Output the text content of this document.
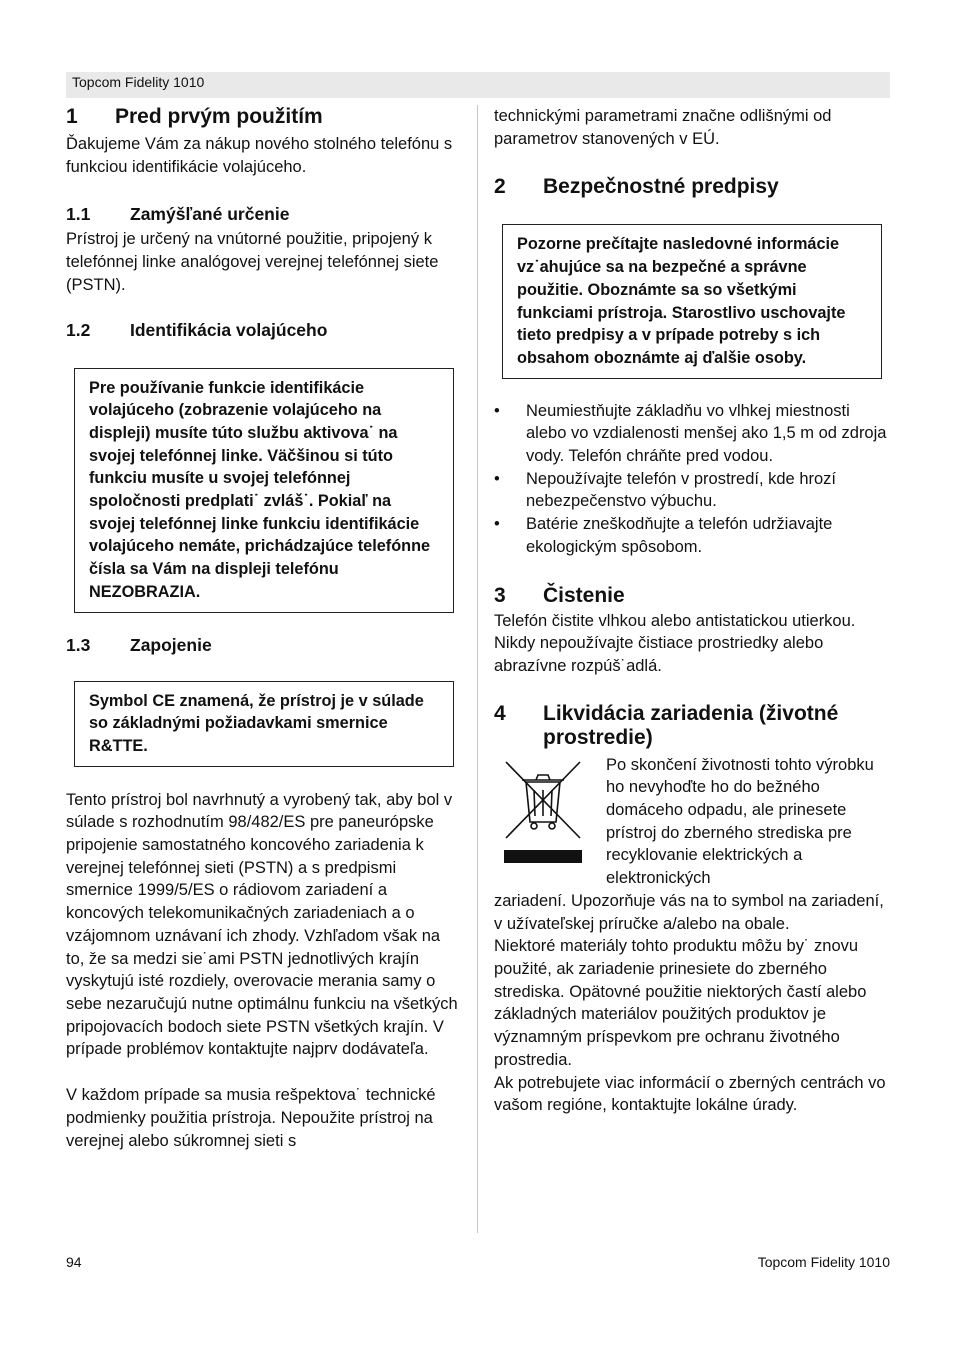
Topcom Fidelity 1010
1	Pred prvým použitím

Ďakujeme Vám za nákup nového stolného telefónu s funkciou identifikácie volajúceho.

1.1	Zamýšľané určenie

Prístroj je určený na vnútorné použitie, pripojený k telefónnej linke analógovej verejnej telefónnej siete (PSTN).

1.2	Identifikácia volajúceho
Pre používanie funkcie identifikácie volajúceho (zobrazenie volajúceho na displeji) musíte túto službu aktivova˙ na svojej telefónnej linke. Väčšinou si túto funkciu musíte u svojej telefónnej spoločnosti predplati˙ zvláš˙. Pokiaľ na svojej telefónnej linke funkciu identifikácie volajúceho nemáte, prichádzajúce telefónne čísla sa Vám na displeji telefónu NEZOBRAZIA.
1.3	Zapojenie
Symbol CE znamená, že prístroj je v súlade so základnými požiadavkami smernice R&TTE.

Tento prístroj bol navrhnutý a vyrobený tak, aby bol v súlade s rozhodnutím 98/482/ES pre paneurópske pripojenie samostatného koncového zariadenia k verejnej telefónnej sieti (PSTN) a s predpismi smernice 1999/5/ES o rádiovom zariadení a koncových telekomunikačných zariadeniach a o vzájomnom uznávaní ich zhody. Vzhľadom však na to, že sa medzi sie˙ami PSTN jednotlivých krajín vyskytujú isté rozdiely, overovacie merania samy o sebe nezaručujú nutne optimálnu funkciu na všetkých pripojovacích bodoch siete PSTN všetkých krajín. V prípade problémov kontaktujte najprv dodávateľa.

V každom prípade sa musia rešpektova˙ technické podmienky použitia prístroja. Nepoužite prístroj na verejnej alebo súkromnej sieti s

technickými parametrami značne odlišnými od parametrov stanovených v EÚ.

2	Bezpečnostné predpisy
Pozorne prečítajte nasledovné informácie vz˙ahujúce sa na bezpečné a správne použitie. Oboznámte sa so všetkými funkciami prístroja. Starostlivo uschovajte tieto predpisy a v prípade potreby s ich obsahom oboznámte aj ďalšie osoby.
• Neumiestňujte základňu vo vlhkej miestnosti alebo vo vzdialenosti menšej ako 1,5 m od zdroja vody. Telefón chráňte pred vodou.
• Nepoužívajte telefón v prostredí, kde hrozí nebezpečenstvo výbuchu.
• Batérie zneškodňujte a telefón udržiavajte ekologickým spôsobom.
3	Čistenie

Telefón čistite vlhkou alebo antistatickou utierkou. Nikdy nepoužívajte čistiace prostriedky alebo abrazívne rozpúš˙adlá.

4	Likvidácia zariadenia (životné prostredie)

Po skončení životnosti tohto výrobku ho nevyhoďte ho do bežného domáceho odpadu, ale prinesete prístroj do zberného strediska pre recyklovanie elektrických a elektronických

zariadení. Upozorňuje vás na to symbol na zariadení, v užívateľskej príručke a/alebo na obale.

Niektoré materiály tohto produktu môžu by˙ znovu použité, ak zariadenie prinesiete do zberného strediska. Opätovné použitie niektorých častí alebo základných materiálov použitých produktov je významným príspevkom pre ochranu životného prostredia.

Ak potrebujete viac informácií o zberných centrách vo vašom regióne, kontaktujte lokálne úrady.

94	Topcom Fidelity 1010
